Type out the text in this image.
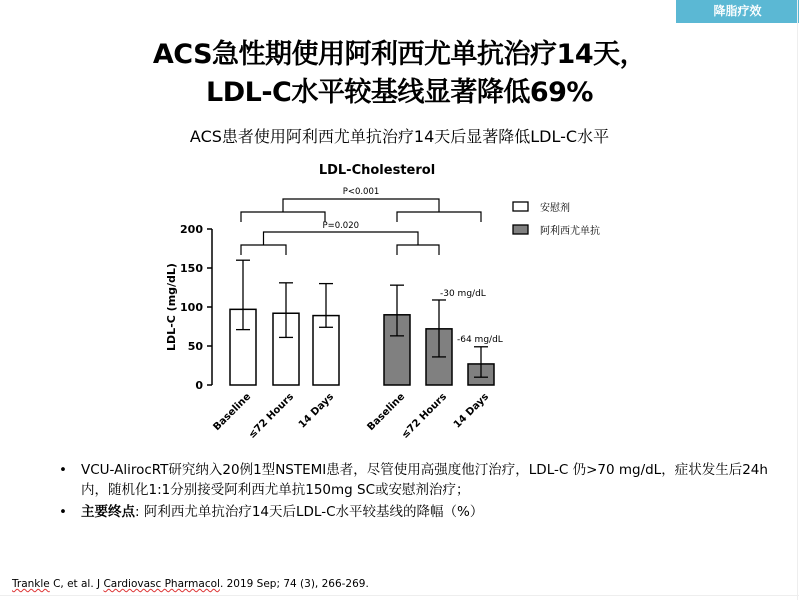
降脂疗效
ACS急性期使用阿利西尤单抗治疗14天，
LDL-C水平较基线显著降低69%
ACS患者使用阿利西尤单抗治疗14天后显著降低LDL-C水平
LDL-Cholesterol
0
50
100
150
200
LDL-C (mg/dL)
Baseline
≤72 Hours 14 Days	Baseline
≤72 Hours 14 Days
-30 mg/dL
-64 mg/dL
P<0.001
P=0.020
安慰剂
阿利西尤单抗
• VCU-AlirocRT研究纳入20例1型NSTEMI患者，尽管使用高强度他汀治疗，LDL-C 仍>70 mg/dL，症状发生后24h内，随机化1:1分别接受阿利西尤单抗150mg SC或安慰剂治疗；
• 主要终点: 阿利西尤单抗治疗14天后LDL-C水平较基线的降幅（%）
Trankle C, et al. J Cardiovasc Pharmacol. 2019 Sep; 74 (3), 266-269.
